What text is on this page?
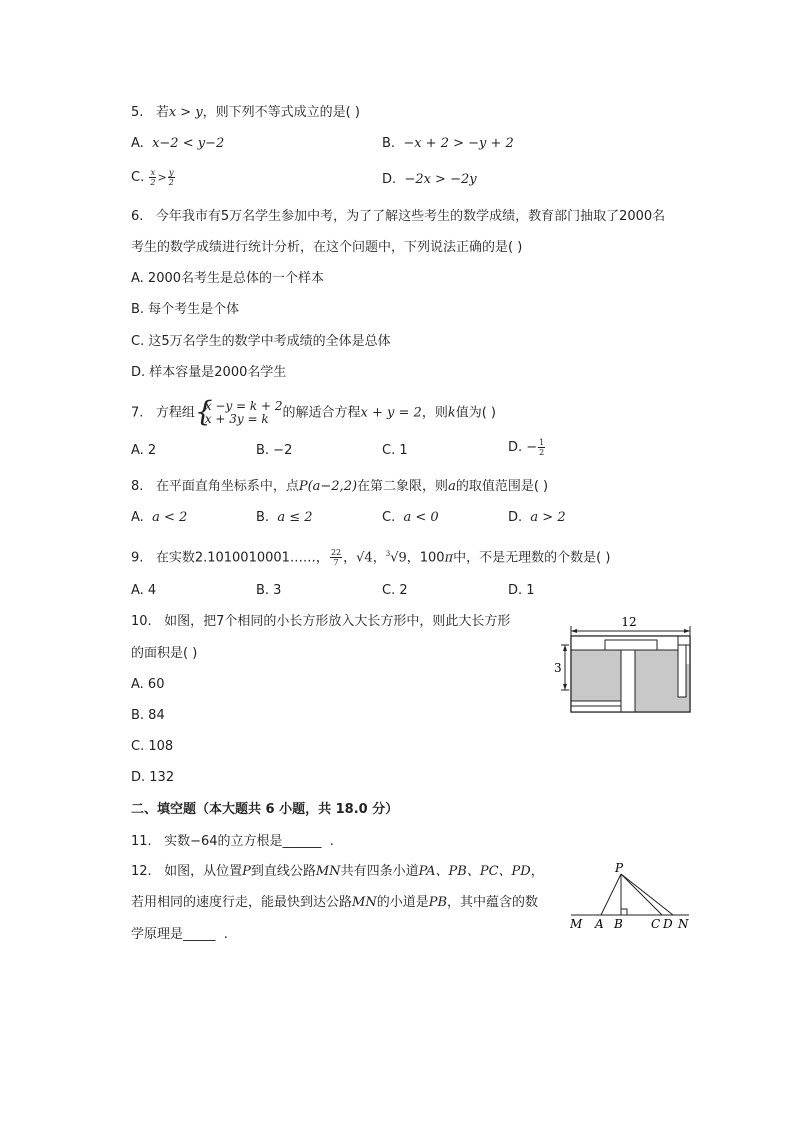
5. 若x > y，则下列不等式成立的是( )
A. x−2 < y−2	B. −x + 2 > −y + 2
C. $\frac{x}{2} > \frac{y}{2}$	D. −2x > −2y
6. 今年我市有5万名学生参加中考，为了了解这些考生的数学成绩，教育部门抽取了2000名
考生的数学成绩进行统计分析，在这个问题中，下列说法正确的是( )
A. 2000名考生是总体的一个样本
B. 每个考生是个体
C. 这5万名学生的数学中考成绩的全体是总体
D. 样本容量是2000名学生
7. 方程组
{ x −y = k + 2
x + 3y = k	的解适合方程x + y = 2，则k值为( )
A. 2	B. −2	C. 1	D. − $\frac{1}{2}$
8. 在平面直角坐标系中，点P(a−2,2)在第二象限，则a的取值范围是( )
A. a < 2	B. a ≤ 2	C. a < 0	D. a > 2
9. 在实数2.1010010001……， $\frac{22}{7}$ ，√4，$^3$√9，100π中，不是无理数的个数是( )
A. 4	B. 3	C. 2	D. 1
10. 如图，把7个相同的小长方形放入大长方形中，则此大长方形
的面积是( )
A. 60
B. 84
C. 108
D. 132
12
3
二、填空题（本大题共 6 小题，共 18.0 分）
11. 实数−64的立方根是______ .
12. 如图，从位置P到直线公路MN共有四条小道PA、PB、PC、PD，
若用相同的速度行走，能最快到达公路MN的小道是PB，其中蕴含的数
学原理是_____ .
P
M A B C D N
